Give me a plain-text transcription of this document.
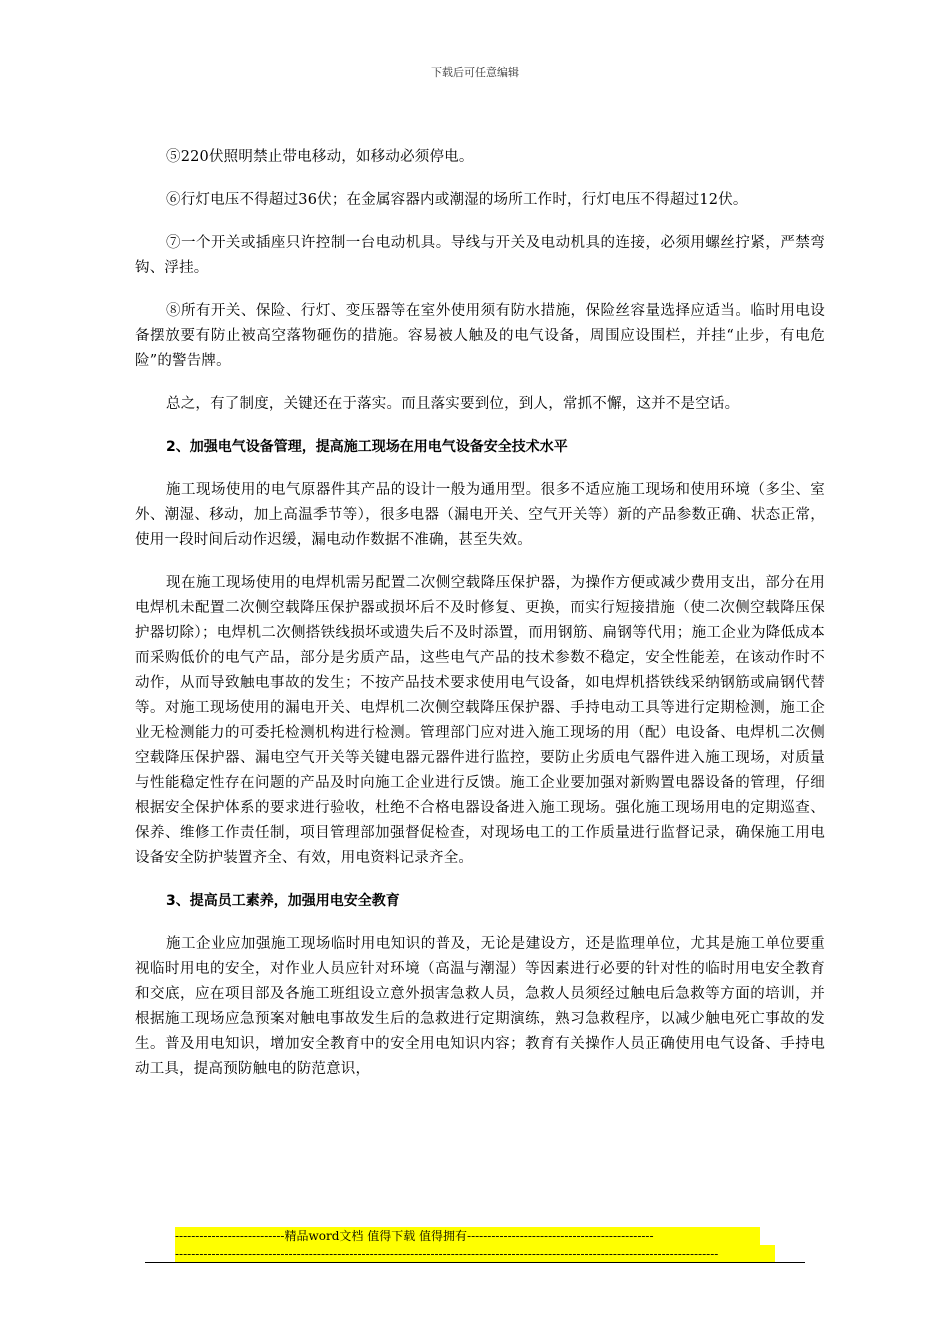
下载后可任意编辑

⑤220伏照明禁止带电移动，如移动必须停电。

⑥行灯电压不得超过36伏；在金属容器内或潮湿的场所工作时，行灯电压不得超过12伏。

⑦一个开关或插座只许控制一台电动机具。导线与开关及电动机具的连接，必须用螺丝拧紧，严禁弯钩、浮挂。

⑧所有开关、保险、行灯、变压器等在室外使用须有防水措施，保险丝容量选择应适当。临时用电设备摆放要有防止被高空落物砸伤的措施。容易被人触及的电气设备，周围应设围栏，并挂“止步，有电危险”的警告牌。

总之，有了制度，关键还在于落实。而且落实要到位，到人，常抓不懈，这并不是空话。

2、加强电气设备管理，提高施工现场在用电气设备安全技术水平

施工现场使用的电气原器件其产品的设计一般为通用型。很多不适应施工现场和使用环境（多尘、室外、潮湿、移动，加上高温季节等），很多电器（漏电开关、空气开关等）新的产品参数正确、状态正常，使用一段时间后动作迟缓，漏电动作数据不准确，甚至失效。

现在施工现场使用的电焊机需另配置二次侧空载降压保护器，为操作方便或减少费用支出，部分在用电焊机未配置二次侧空载降压保护器或损坏后不及时修复、更换，而实行短接措施（使二次侧空载降压保护器切除）；电焊机二次侧搭铁线损坏或遗失后不及时添置，而用钢筋、扁钢等代用；施工企业为降低成本而采购低价的电气产品，部分是劣质产品，这些电气产品的技术参数不稳定，安全性能差，在该动作时不动作，从而导致触电事故的发生；不按产品技术要求使用电气设备，如电焊机搭铁线采纳钢筋或扁钢代替等。对施工现场使用的漏电开关、电焊机二次侧空载降压保护器、手持电动工具等进行定期检测，施工企业无检测能力的可委托检测机构进行检测。管理部门应对进入施工现场的用（配）电设备、电焊机二次侧空载降压保护器、漏电空气开关等关键电器元器件进行监控，要防止劣质电气器件进入施工现场，对质量与性能稳定性存在问题的产品及时向施工企业进行反馈。施工企业要加强对新购置电器设备的管理，仔细根据安全保护体系的要求进行验收，杜绝不合格电器设备进入施工现场。强化施工现场用电的定期巡查、保养、维修工作责任制，项目管理部加强督促检查，对现场电工的工作质量进行监督记录，确保施工用电设备安全防护装置齐全、有效，用电资料记录齐全。

3、提高员工素养，加强用电安全教育

施工企业应加强施工现场临时用电知识的普及，无论是建设方，还是监理单位，尤其是施工单位要重视临时用电的安全，对作业人员应针对环境（高温与潮湿）等因素进行必要的针对性的临时用电安全教育和交底，应在项目部及各施工班组设立意外损害急救人员，急救人员须经过触电后急救等方面的培训，并根据施工现场应急预案对触电事故发生后的急救进行定期演练，熟习急救程序，以减少触电死亡事故的发生。普及用电知识，增加安全教育中的安全用电知识内容；教育有关操作人员正确使用电气设备、手持电动工具，提高预防触电的防范意识，

---------------------------精品word文档 值得下载 值得拥有----------------------------------------------
--------------------------------------------------------------------------------------------------------------------------------------
